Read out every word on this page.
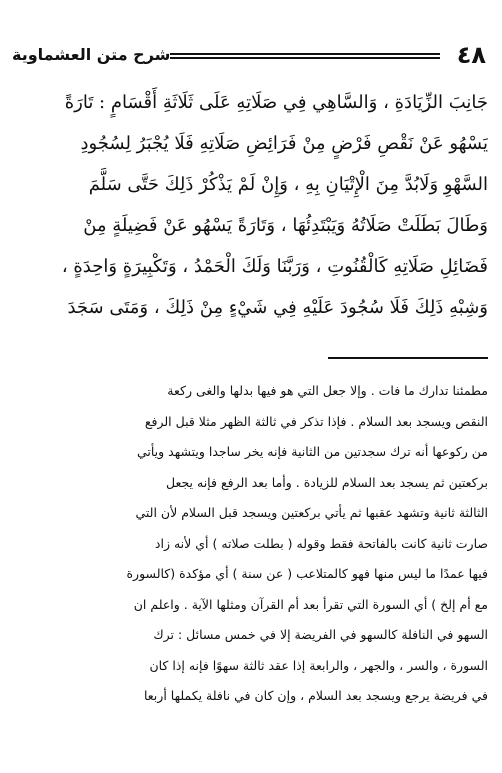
٤٨
شرح متن العشماوية
جَانِبَ الزِّيَادَةِ ، وَالسَّاهِي فِي صَلَاتِهِ عَلَى ثَلَاثَةِ أَقْسَامٍ : تَارَةً
يَسْهُو عَنْ نَقْصِ فَرْضٍ مِنْ فَرَائِضِ صَلَاتِهِ فَلَا يُجْبَرُ لِسُجُودِ
السَّهْوِ وَلَابُدَّ مِنَ الْإِتْيَانِ بِهِ ، وَإِنْ لَمْ يَذْكُرْ ذَلِكَ حَتَّى سَلَّمَ
وَطَالَ بَطَلَتْ صَلَاتُهُ وَيَبْتَدِئُهَا ، وَتَارَةً يَسْهُو عَنْ فَضِيلَةٍ مِنْ
فَضَائِلِ صَلَاتِهِ كَالْقُنُوتِ ، وَرَبَّنَا وَلَكَ الْحَمْدُ ، وَتَكْبِيرَةٍ وَاحِدَةٍ ،
وَشِبْهِ ذَلِكَ فَلَا سُجُودَ عَلَيْهِ فِي شَيْءٍ مِنْ ذَلِكَ ، وَمَتَى سَجَدَ
مطمئنا تدارك ما فات . وإلا جعل التي هو فيها بدلها والغى ركعة
النقص ويسجد بعد السلام . فإذا تذكر في ثالثة الظهر مثلا قبل الرفع
من ركوعها أنه ترك سجدتين من الثانية فإنه يخر ساجدا ويتشهد ويأتي
بركعتين ثم يسجد بعد السلام للزيادة . وأما بعد الرفع فإنه يجعل
الثالثة ثانية وتشهد عقبها ثم يأتي بركعتين ويسجد قبل السلام لأن التي
صارت ثانية كانت بالفاتحة فقط وقوله ( بطلت صلاته ) أي لأنه زاد
فيها عمدًا ما ليس منها فهو كالمتلاعب ( عن سنة ) أي مؤكدة (كالسورة
مع أم إلخ ) أي السورة التي تقرأ بعد أم القرآن ومثلها الآية . واعلم ان
السهو في النافلة كالسهو في الفريضة إلا في خمس مسائل : ترك
السورة ، والسر ، والجهر ، والرابعة إذا عقد ثالثة سهوًا فإنه إذا كان
في فريضة يرجع ويسجد بعد السلام ، وإن كان في نافلة يكملها أربعا
